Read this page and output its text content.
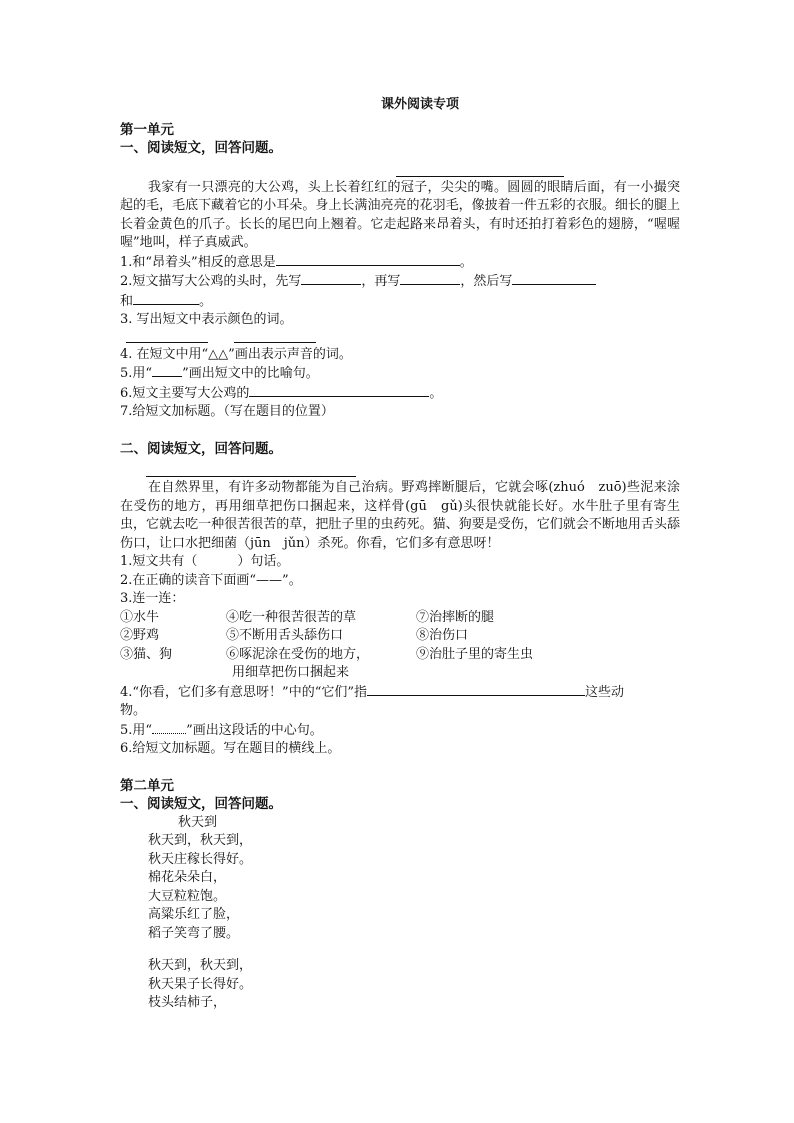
课外阅读专项
第一单元
一、阅读短文，回答问题。

我家有一只漂亮的大公鸡，头上长着红红的冠子，尖尖的嘴。圆圆的眼睛后面，有一小撮突起的毛，毛底下藏着它的小耳朵。身上长满油亮亮的花羽毛，像披着一件五彩的衣服。细长的腿上长着金黄色的爪子。长长的尾巴向上翘着。它走起路来昂着头，有时还拍打着彩色的翅膀，“喔喔喔”地叫，样子真威武。

1.和“昂着头”相反的意思是	。

2.短文描写大公鸡的头时，先写	，再写	，然后写

和	。

3. 写出短文中表示颜色的词。

4. 在短文中用“△△”画出表示声音的词。

5.用“ ”画出短文中的比喻句。

6.短文主要写大公鸡的	。

7.给短文加标题。（写在题目的位置）

二、阅读短文，回答问题。

在自然界里，有许多动物都能为自己治病。野鸡摔断腿后，它就会啄(zhuó　zuō)些泥来涂在受伤的地方，再用细草把伤口捆起来，这样骨(gū　gǔ)头很快就能长好。水牛肚子里有寄生虫，它就去吃一种很苦很苦的草，把肚子里的虫药死。猫、狗要是受伤，它们就会不断地用舌头舔伤口，让口水把细菌（jūn　jǔn）杀死。你看，它们多有意思呀！

1.短文共有（	）句话。

2.在正确的读音下面画“——”。

3.连一连：

①水牛	④吃一种很苦很苦的草	⑦治摔断的腿
②野鸡	⑤不断用舌头舔伤口	⑧治伤口
③猫、狗	⑥啄泥涂在受伤的地方，	⑨治肚子里的寄生虫

用细草把伤口捆起来

4.“你看，它们多有意思呀！”中的“它们”指	这些动

物。

5.用“	”画出这段话的中心句。

6.给短文加标题。写在题目的横线上。

第二单元
一、阅读短文，回答问题。

秋天到

秋天到，秋天到，
秋天庄稼长得好。
棉花朵朵白，
大豆粒粒饱。
高粱乐红了脸，
稻子笑弯了腰。
秋天到，秋天到，
秋天果子长得好。
枝头结柿子，
